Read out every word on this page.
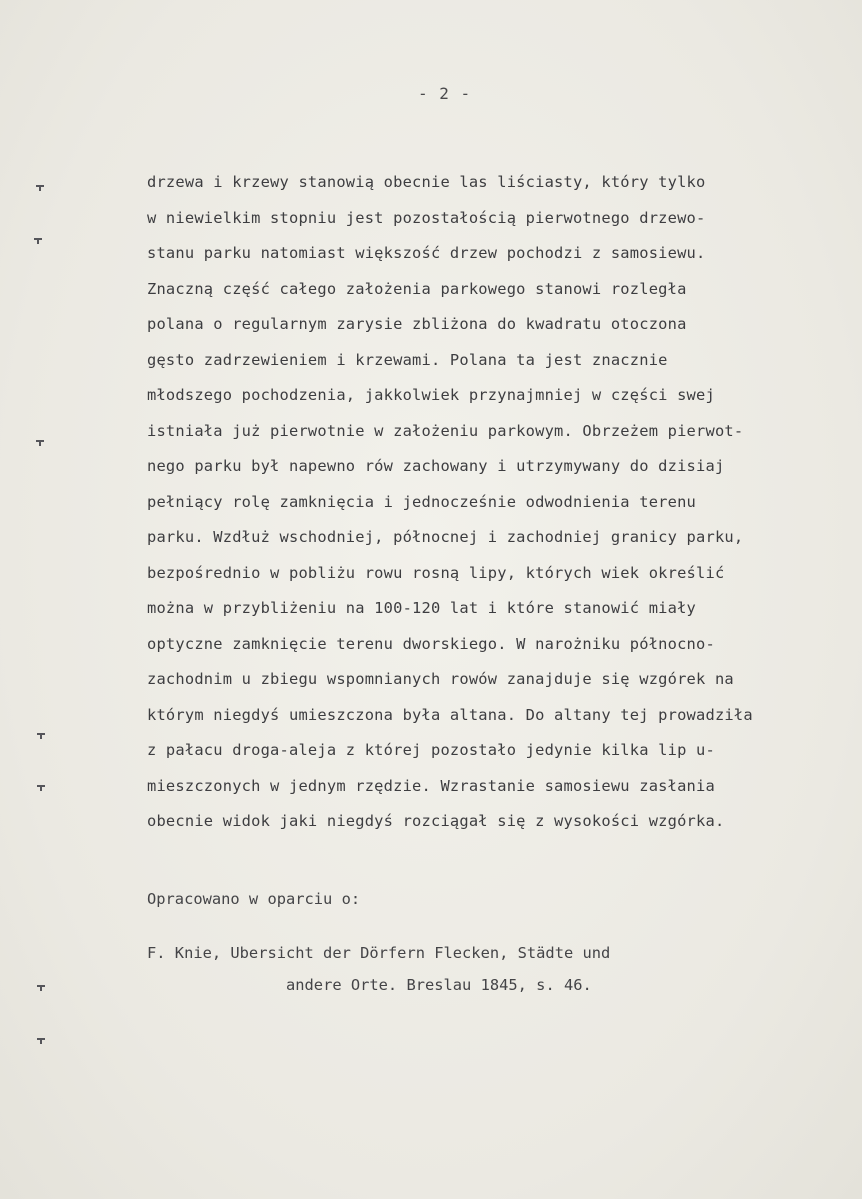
- 2 -
drzewa i krzewy stanowią obecnie las liściasty, który tylko
w niewielkim stopniu jest pozostałością pierwotnego drzewo-
stanu parku natomiast większość drzew pochodzi z samosiewu.
Znaczną część całego założenia parkowego stanowi rozległa
polana o regularnym zarysie zbliżona do kwadratu otoczona
gęsto zadrzewieniem i krzewami. Polana ta jest znacznie
młodszego pochodzenia, jakkolwiek przynajmniej w części swej
istniała już pierwotnie w założeniu parkowym. Obrzeżem pierwot-
nego parku był napewno rów zachowany i utrzymywany do dzisiaj
pełniący rolę zamknięcia i jednocześnie odwodnienia terenu
parku. Wzdłuż wschodniej, północnej i zachodniej granicy parku,
bezpośrednio w pobliżu rowu rosną lipy, których wiek określić
można w przybliżeniu na 100-120 lat i które stanowić miały
optyczne zamknięcie terenu dworskiego. W narożniku północno-
zachodnim u zbiegu wspomnianych rowów zanajduje się wzgórek na
którym niegdyś umieszczona była altana. Do altany tej prowadziła
z pałacu droga-aleja z której pozostało jedynie kilka lip u-
mieszczonych w jednym rzędzie. Wzrastanie samosiewu zasłania
obecnie widok jaki niegdyś rozciągał się z wysokości wzgórka.
Opracowano w oparciu o:
F. Knie, Ubersicht der Dörfern Flecken, Städte und
andere Orte. Breslau 1845, s. 46.
